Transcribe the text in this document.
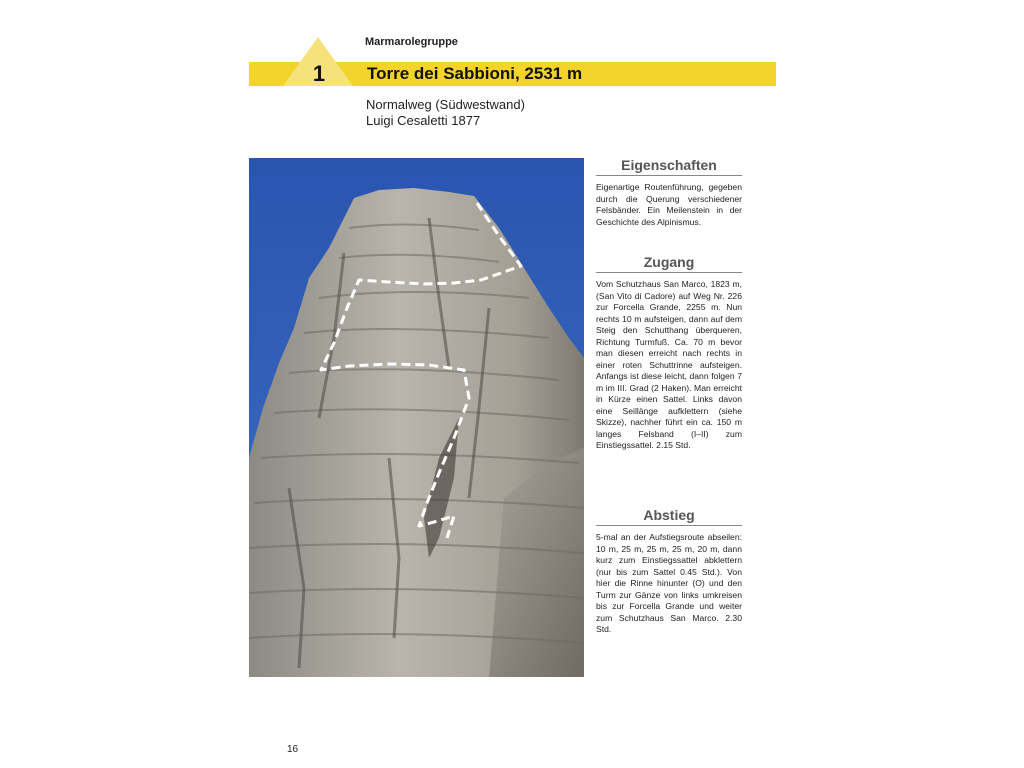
Marmarolegruppe
1	Torre dei Sabbioni, 2531 m
Normalweg (Südwestwand)
Luigi Cesaletti 1877
Eigenschaften
Eigenartige Routenführung, gegeben durch die Querung verschiedener Felsbänder. Ein Meilenstein in der Geschichte des Alpinismus.
Zugang
Vom Schutzhaus San Marco, 1823 m, (San Vito di Cadore) auf Weg Nr. 226 zur Forcella Grande, 2255 m. Nun rechts 10 m aufsteigen, dann auf dem Steig den Schutthang überqueren, Richtung Turmfuß. Ca. 70 m bevor man diesen erreicht nach rechts in einer roten Schuttrinne aufsteigen. Anfangs ist diese leicht, dann folgen 7 m im III. Grad (2 Haken). Man erreicht in Kürze einen Sattel. Links davon eine Seillänge aufklettern (siehe Skizze), nachher führt ein ca. 150 m langes Felsband (I–II) zum Einstiegssattel. 2.15 Std.
Abstieg
5-mal an der Aufstiegsroute abseilen: 10 m, 25 m, 25 m, 25 m, 20 m, dann kurz zum Einstiegssattel abklettern (nur bis zum Sattel 0.45 Std.). Von hier die Rinne hinunter (O) und den Turm zur Gänze von links umkreisen bis zur Forcella Grande und weiter zum Schutzhaus San Marco. 2.30 Std.
16
